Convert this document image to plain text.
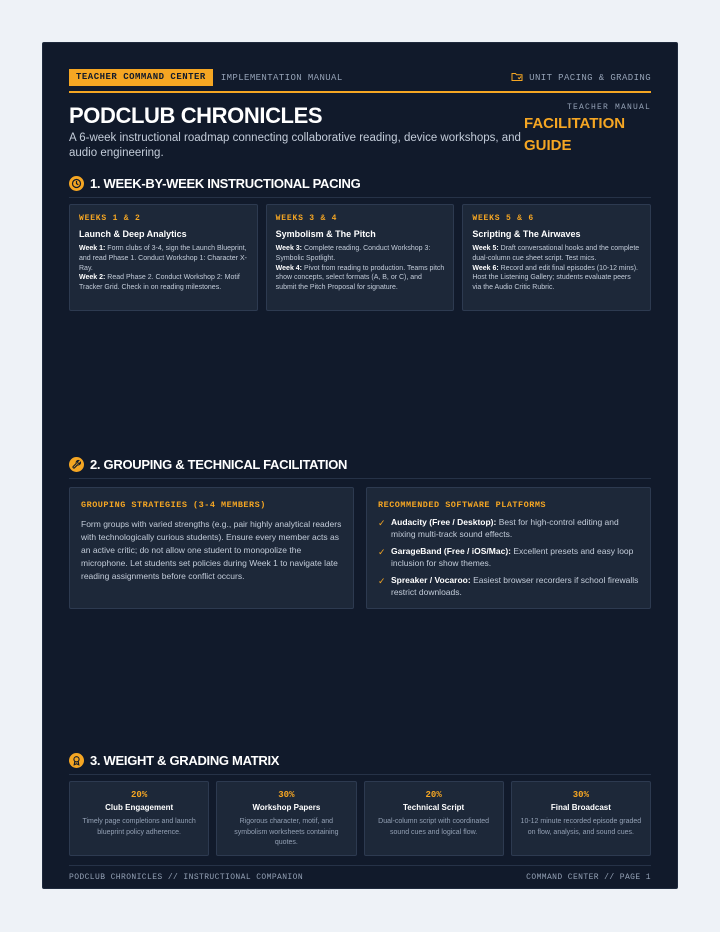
TEACHER COMMAND CENTER	IMPLEMENTATION MANUAL	UNIT PACING & GRADING
PODCLUB CHRONICLES
A 6-week instructional roadmap connecting collaborative reading, device workshops, and audio engineering.
TEACHER MANUAL
FACILITATION
GUIDE
1. WEEK-BY-WEEK INSTRUCTIONAL PACING
WEEKS 1 & 2
Launch & Deep Analytics
Week 1: Form clubs of 3-4, sign the Launch Blueprint, and read Phase 1. Conduct Workshop 1: Character X-Ray.
Week 2: Read Phase 2. Conduct Workshop 2: Motif Tracker Grid. Check in on reading milestones.
WEEKS 3 & 4
Symbolism & The Pitch
Week 3: Complete reading. Conduct Workshop 3: Symbolic Spotlight.
Week 4: Pivot from reading to production. Teams pitch show concepts, select formats (A, B, or C), and submit the Pitch Proposal for signature.
WEEKS 5 & 6
Scripting & The Airwaves
Week 5: Draft conversational hooks and the complete dual-column cue sheet script. Test mics.
Week 6: Record and edit final episodes (10-12 mins). Host the Listening Gallery; students evaluate peers via the Audio Critic Rubric.
2. GROUPING & TECHNICAL FACILITATION
GROUPING STRATEGIES (3-4 MEMBERS)
Form groups with varied strengths (e.g., pair highly analytical readers with technologically curious students). Ensure every member acts as an active critic; do not allow one student to monopolize the microphone. Let students set policies during Week 1 to navigate late reading assignments before conflict occurs.
RECOMMENDED SOFTWARE PLATFORMS
✓ Audacity (Free / Desktop): Best for high-control editing and mixing multi-track sound effects.
✓ GarageBand (Free / iOS/Mac): Excellent presets and easy loop inclusion for show themes.
✓ Spreaker / Vocaroo: Easiest browser recorders if school firewalls restrict downloads.
3. WEIGHT & GRADING MATRIX
20%
Club Engagement
Timely page completions and launch blueprint policy adherence.
30%
Workshop Papers
Rigorous character, motif, and symbolism worksheets containing quotes.
20%
Technical Script
Dual-column script with coordinated sound cues and logical flow.
30%
Final Broadcast
10-12 minute recorded episode graded on flow, analysis, and sound cues.
PODCLUB CHRONICLES // INSTRUCTIONAL COMPANION	COMMAND CENTER // PAGE 1
